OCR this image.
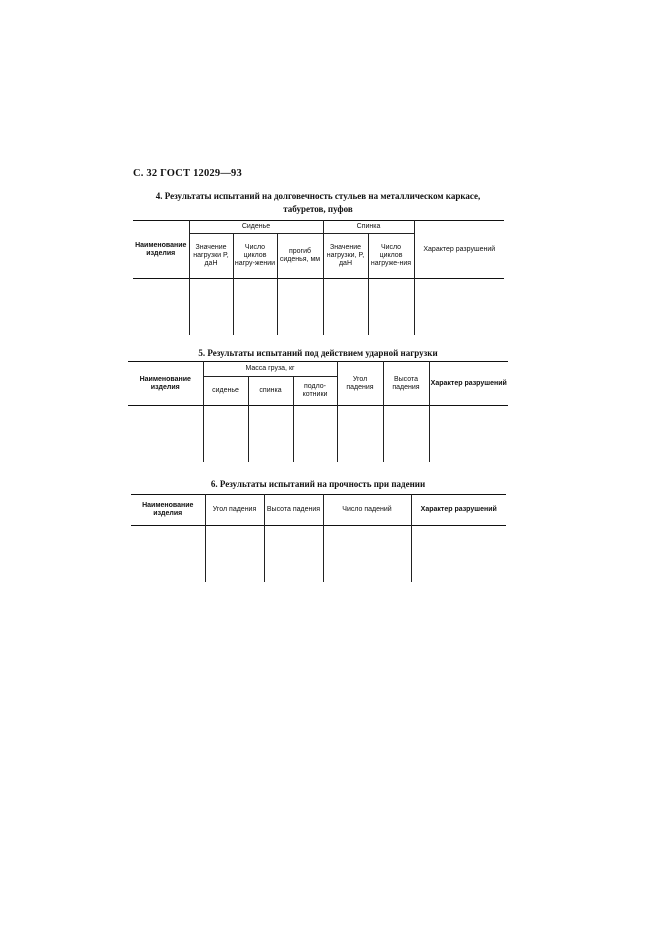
С. 32 ГОСТ 12029—93
4. Результаты испытаний на долговечность стульев на металлическом каркасе,
табуретов, пуфов
Наименование изделия	Сиденье			Спинка		Характер разрушений
	Значение нагрузки P, даН	Число циклов нагру-жении	прогиб сиденья, мм	Значение нагрузки, P, даН	Число циклов нагруже-ния	

5. Результаты испытаний под действием ударной нагрузки
Наименование изделия	Масса груза, кг			Угол падения	Высота падения	Характер разрушений
	сиденье	спинка	подло-котники			

6. Результаты испытаний на прочность при падении
Наименование изделия	Угол падения	Высота падения	Число падений	Характер разрушений
